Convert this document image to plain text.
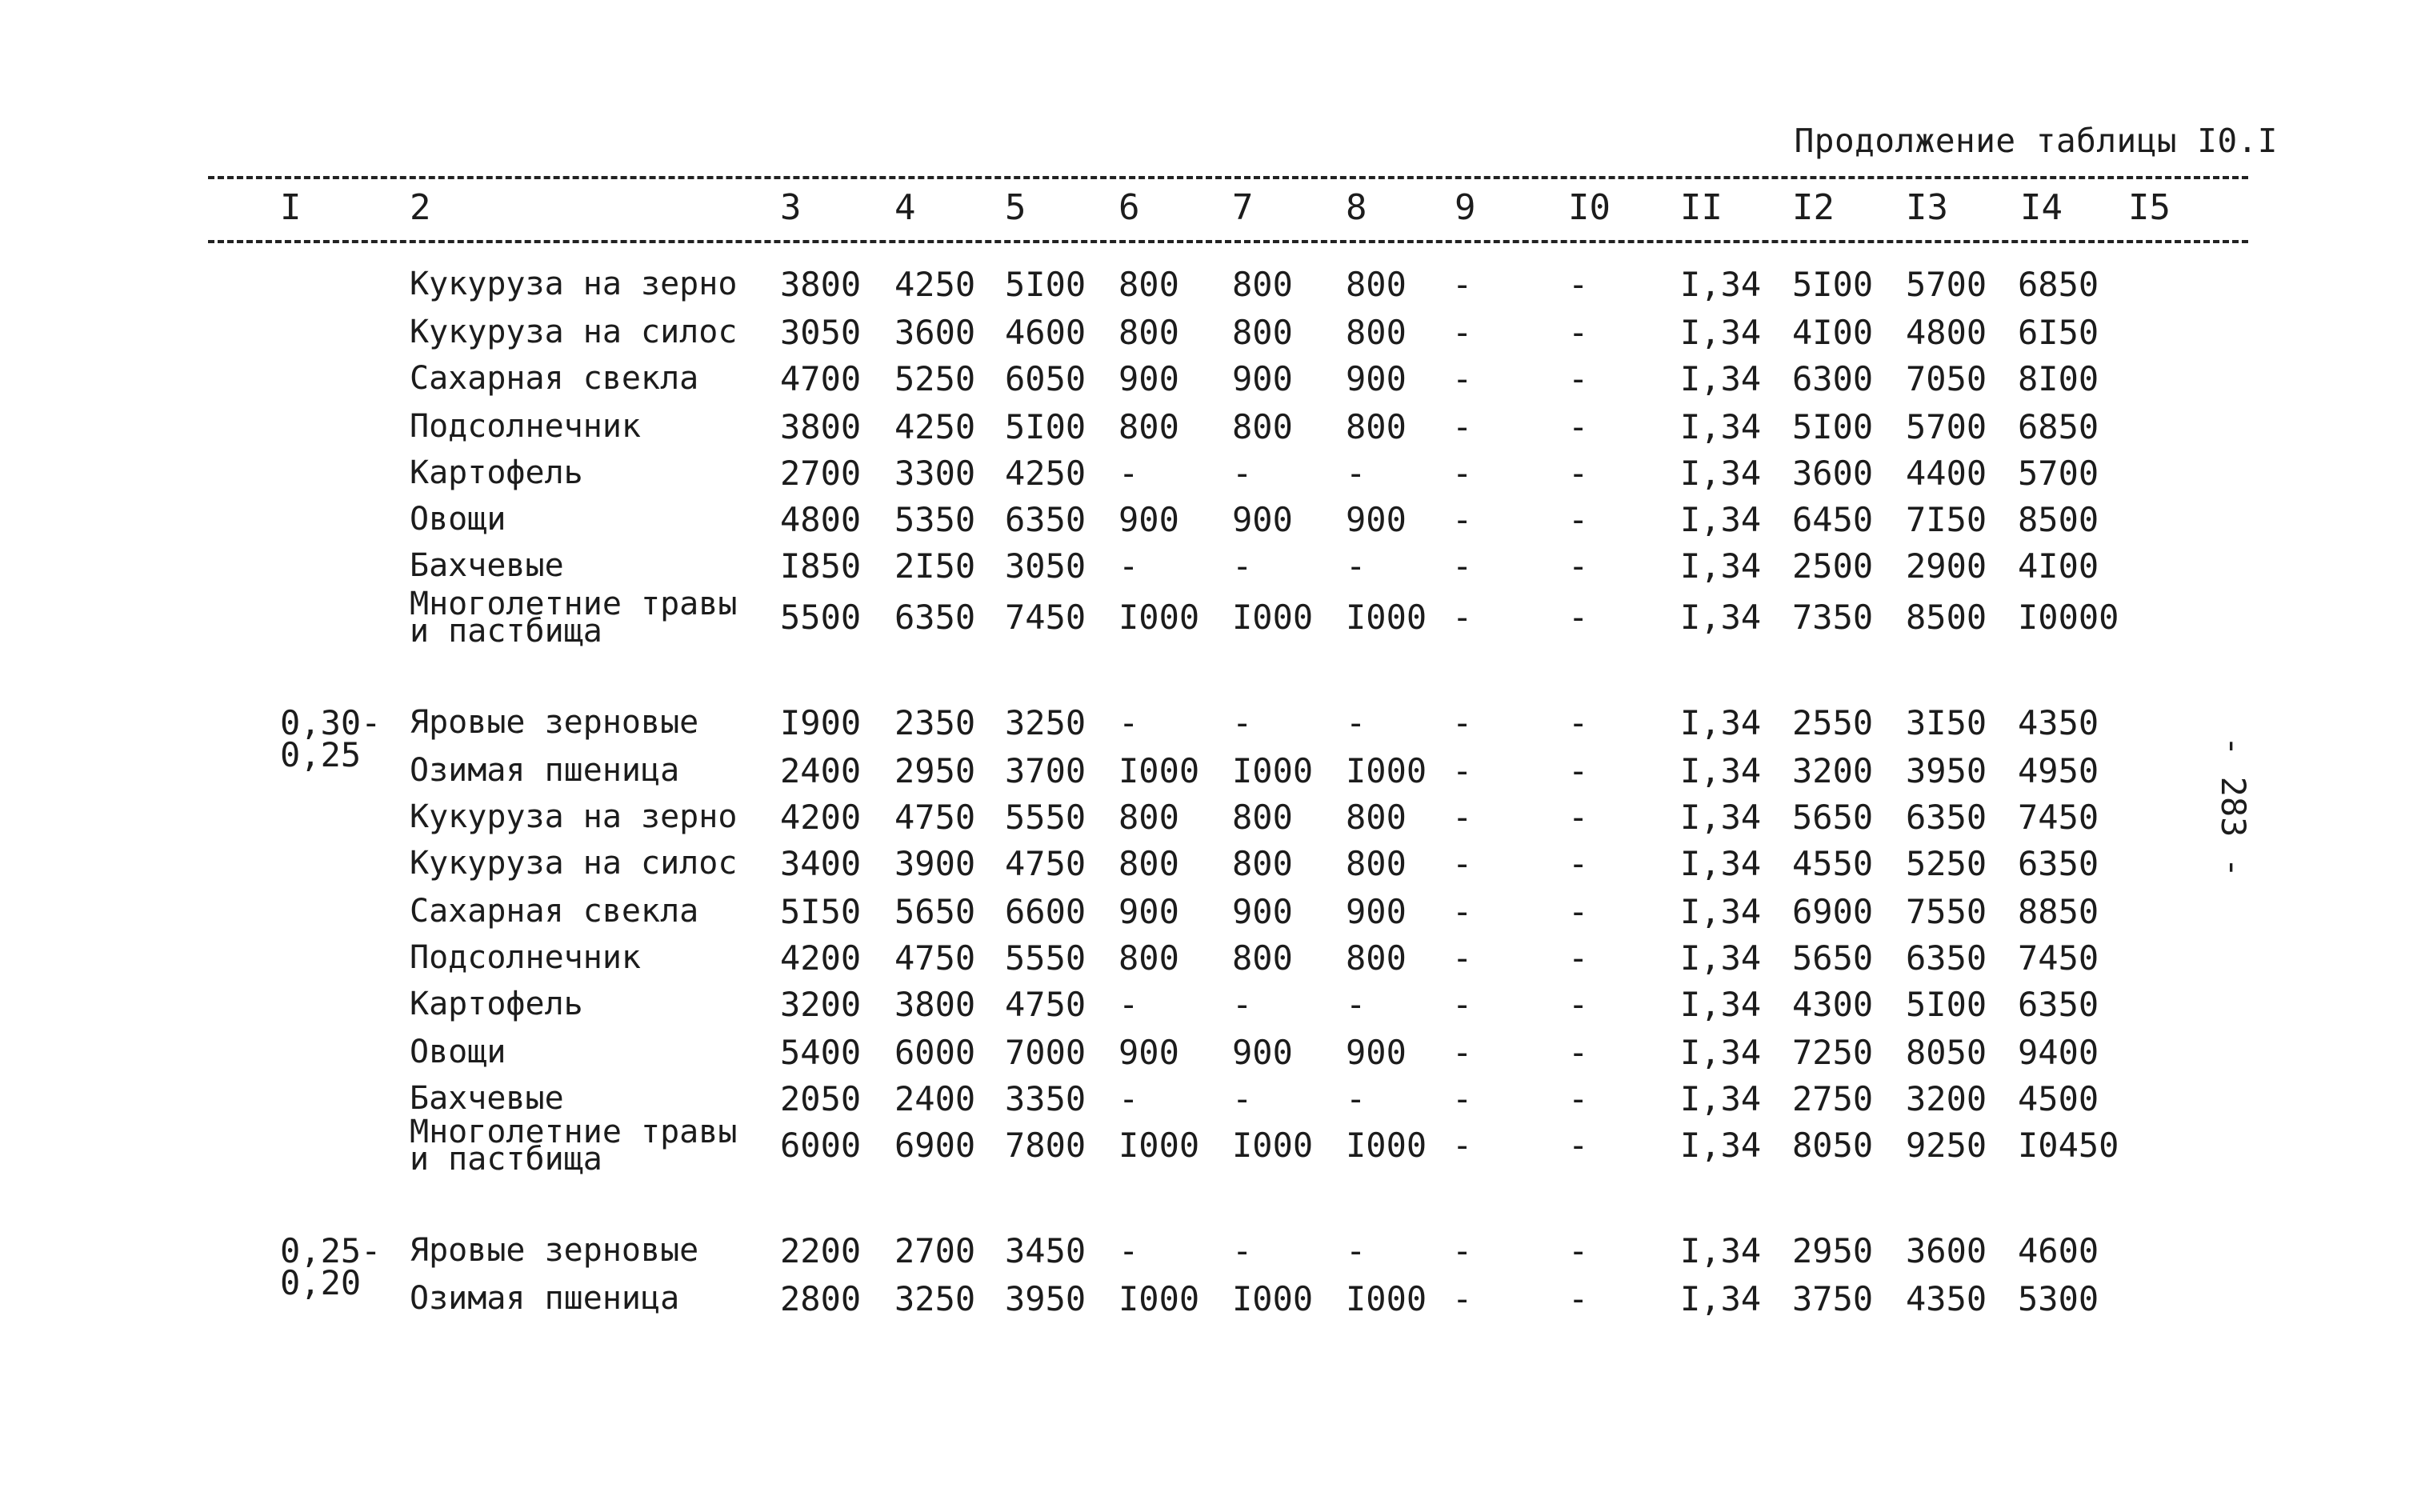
Продолжение таблицы I0.I
I	2	3	4	5	6	7	8 9	I0 II I2 I3 I4 I5
Кукуруза на зерно 3800 4250 5I00 800 800 800 -	-	I,34 5I00 5700 6850
Кукуруза на силос 3050 3600 4600 800 800 800 -	-	I,34 4I00 4800 6I50
Сахарная свекла 4700 5250 6050 900 900 900 -	-	I,34 6300 7050 8I00
Подсолнечник	3800 4250 5I00 800 800 800 -	-	I,34 5I00 5700 6850
Картофель	2700 3300 4250 -	-	-	-	-	I,34 3600 4400 5700
Овощи	4800 5350 6350 900 900 900 -	-	I,34 6450 7I50 8500
Бахчевые	I850 2I50 3050 -	-	-	-	-	I,34 2500 2900 4I00
Многолетние травы
и пастбища	5500 6350 7450 I000 I000 I000 -	-	I,34 7350 8500 I0000
0,30-
0,25
Яровые зерновые I900 2350 3250 -	-	-	-	-	I,34 2550 3I50 4350
Озимая пшеница	2400 2950 3700 I000 I000 I000 -	-	I,34 3200 3950 4950
Кукуруза на зерно 4200 4750 5550 800 800 800 -	-	I,34 5650 6350 7450
Кукуруза на силос 3400 3900 4750 800 800 800 -	-	I,34 4550 5250 6350
Сахарная свекла 5I50 5650 6600 900 900 900 -	-	I,34 6900 7550 8850
Подсолнечник	4200 4750 5550 800 800 800 -	-	I,34 5650 6350 7450
Картофель	3200 3800 4750 -	-	-	-	-	I,34 4300 5I00 6350
Овощи	5400 6000 7000 900 900 900 -	-	I,34 7250 8050 9400
Бахчевые	2050 2400 3350 -	-	-	-	-	I,34 2750 3200 4500
Многолетние травы
и пастбища	6000 6900 7800 I000 I000 I000 -	-	I,34 8050 9250 I0450
0,25-
0,20
Яровые зерновые 2200 2700 3450 -	-	-	-	-	I,34 2950 3600 4600
Озимая пшеница	2800 3250 3950 I000 I000 I000 -	-	I,34 3750 4350 5300
- 283 -
